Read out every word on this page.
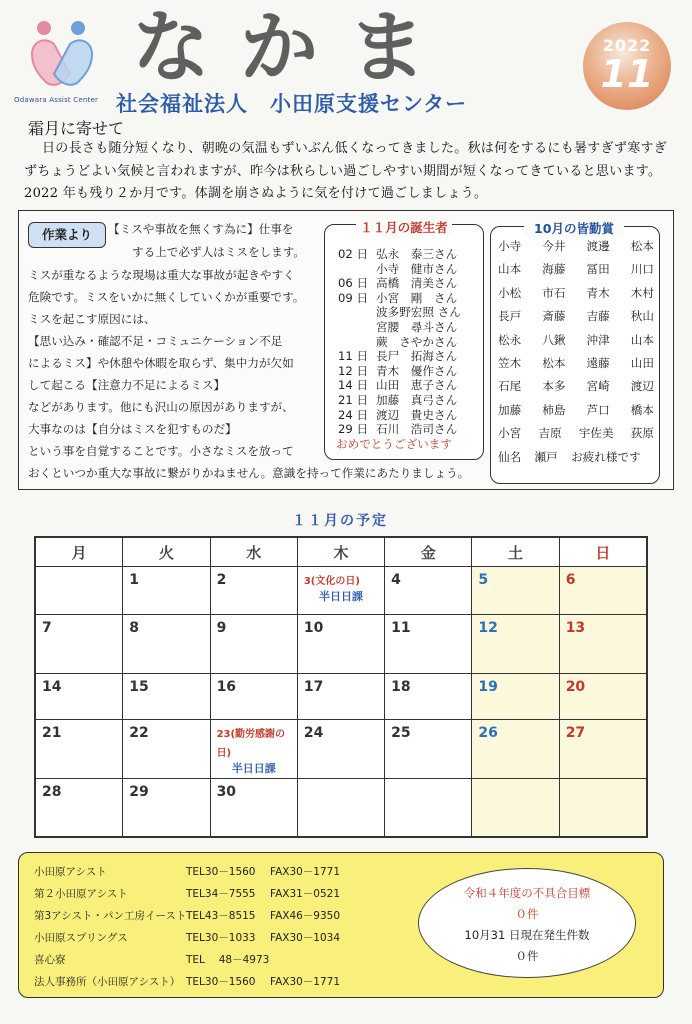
Odawara Assist Center
なかま	2022
11
社会福祉法人　小田原支援センター
霜月に寄せて
日の長さも随分短くなり、朝晩の気温もずいぶん低くなってきました。秋は何をするにも暑すぎず寒すぎずちょうどよい気候と言われますが、昨今は秋らしい過ごしやすい期間が短くなってきていると思います。2022 年も残り２か月です。体調を崩さぬように気を付けて過ごしましょう。
作業より	【ミスや事故を無くす為に】仕事を
する上で必ず人はミスをします。
ミスが重なるような現場は重大な事故が起きやすく
危険です。ミスをいかに無くしていくかが重要です。
ミスを起こす原因には、
【思い込み・確認不足・コミュニケーション不足
によるミス】や休憩や休暇を取らず、集中力が欠如
して起こる【注意力不足によるミス】
などがあります。他にも沢山の原因がありますが、
大事なのは【自分はミスを犯すものだ】
という事を自覚することです。小さなミスを放って
おくといつか重大な事故に繋がりかねません。意識を持って作業にあたりましょう。
１１月の誕生者
02 日 弘永　泰三さん
小寺　健市さん
06 日 高橋　清美さん
09 日 小宮　剛　さん
波多野宏照 さん
宮腰　尋斗さん
蕨　さやかさん
11 日 長尸　拓海さん
12 日 青木　優作さん
14 日 山田　恵子さん
21 日 加藤　真弓さん
24 日 渡辺　貴史さん
29 日 石川　浩司さん
おめでとうございます
10月の皆勤賞
小寺 今井 渡邊 松本
山本 海藤 冨田 川口
小松 市石 青木 木村
長戸 斎藤 吉藤 秋山
松永 八鍬 沖津 山本
笠木 松本 遠藤 山田
石尾 本多 宮崎 渡辺
加藤 柿島 芦口 橋本
小宮 吉原 宇佐美 荻原
仙名 瀬戸 お疲れ様です
１１月の予定
月	火	水	木	金	土	日
	1	2	3(文化の日)
半日日課	4	5	6
7	8	9	10	11	12	13
14	15	16	17	18	19	20
21	22	23(勤労感謝の日)
半日日課	24	25	26	27
28	29	30				
小田原アシスト	TEL30－1560 FAX30－1771
第２小田原アシスト	TEL34－7555 FAX31－0521
第3アシスト・パン工房イースト TEL43－8515 FAX46－9350
小田原スプリングス	TEL30－1033 FAX30－1034
喜心寮	TEL　 48－4973
法人事務所（小田原アシスト） TEL30－1560 FAX30－1771
令和４年度の不具合目標
０件
10月31 日現在発生件数
０件
